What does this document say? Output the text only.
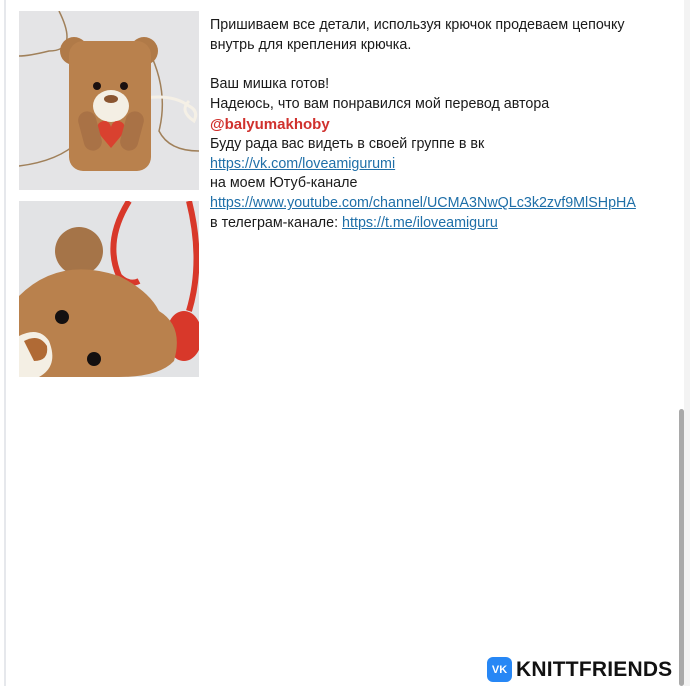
Пришиваем все детали, используя крючок продеваем цепочку
внутрь для крепления крючка.
Ваш мишка готов!
Надеюсь, что вам понравился мой перевод автора
@balyumakhoby
Буду рада вас видеть в своей группе в вк
https://vk.com/loveamigurumi
на моем Ютуб-канале
https://www.youtube.com/channel/UCMA3NwQLc3k2zvf9MlSHpHA
в телеграм-канале: https://t.me/iloveamiguru
VK KNITTFRIENDS
